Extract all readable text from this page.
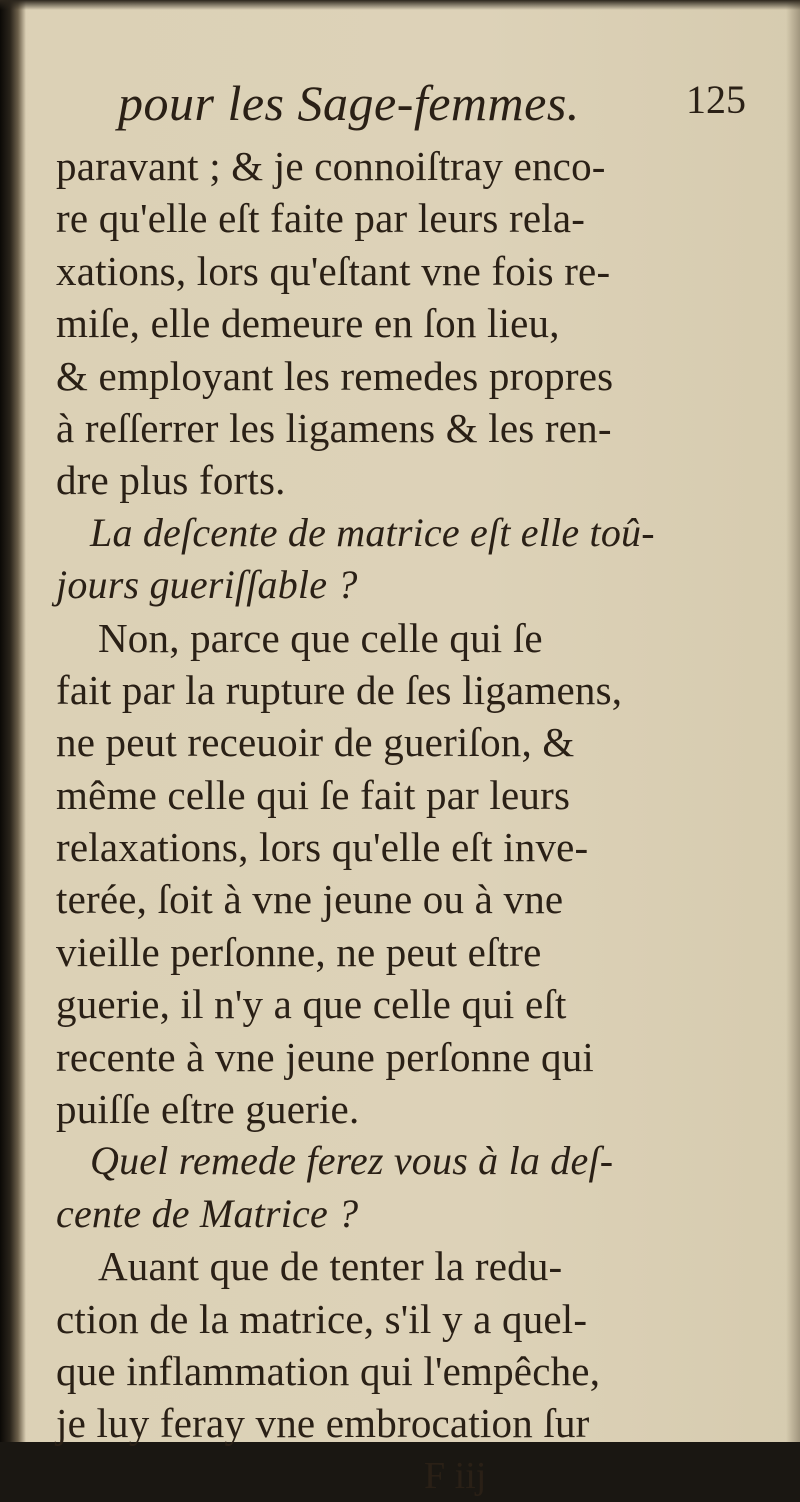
pour les Sage-femmes.	125
paravant ; & je connoiſtray enco-
re qu'elle eſt faite par leurs rela-
xations, lors qu'eſtant vne fois re-
miſe, elle demeure en ſon lieu,
& employant les remedes propres
à reſſerrer les ligamens & les ren-
dre plus forts.
La deſcente de matrice eſt elle toû-
jours gueriſſable ?
Non, parce que celle qui ſe
fait par la rupture de ſes ligamens,
ne peut receuoir de gueriſon, &
même celle qui ſe fait par leurs
relaxations, lors qu'elle eſt inve-
terée, ſoit à vne jeune ou à vne
vieille perſonne, ne peut eſtre
guerie, il n'y a que celle qui eſt
recente à vne jeune perſonne qui
puiſſe eſtre guerie.
Quel remede ferez vous à la deſ-
cente de Matrice ?
Auant que de tenter la redu-
ction de la matrice, s'il y a quel-
que inflammation qui l'empêche,
je luy feray vne embrocation ſur
F iij
